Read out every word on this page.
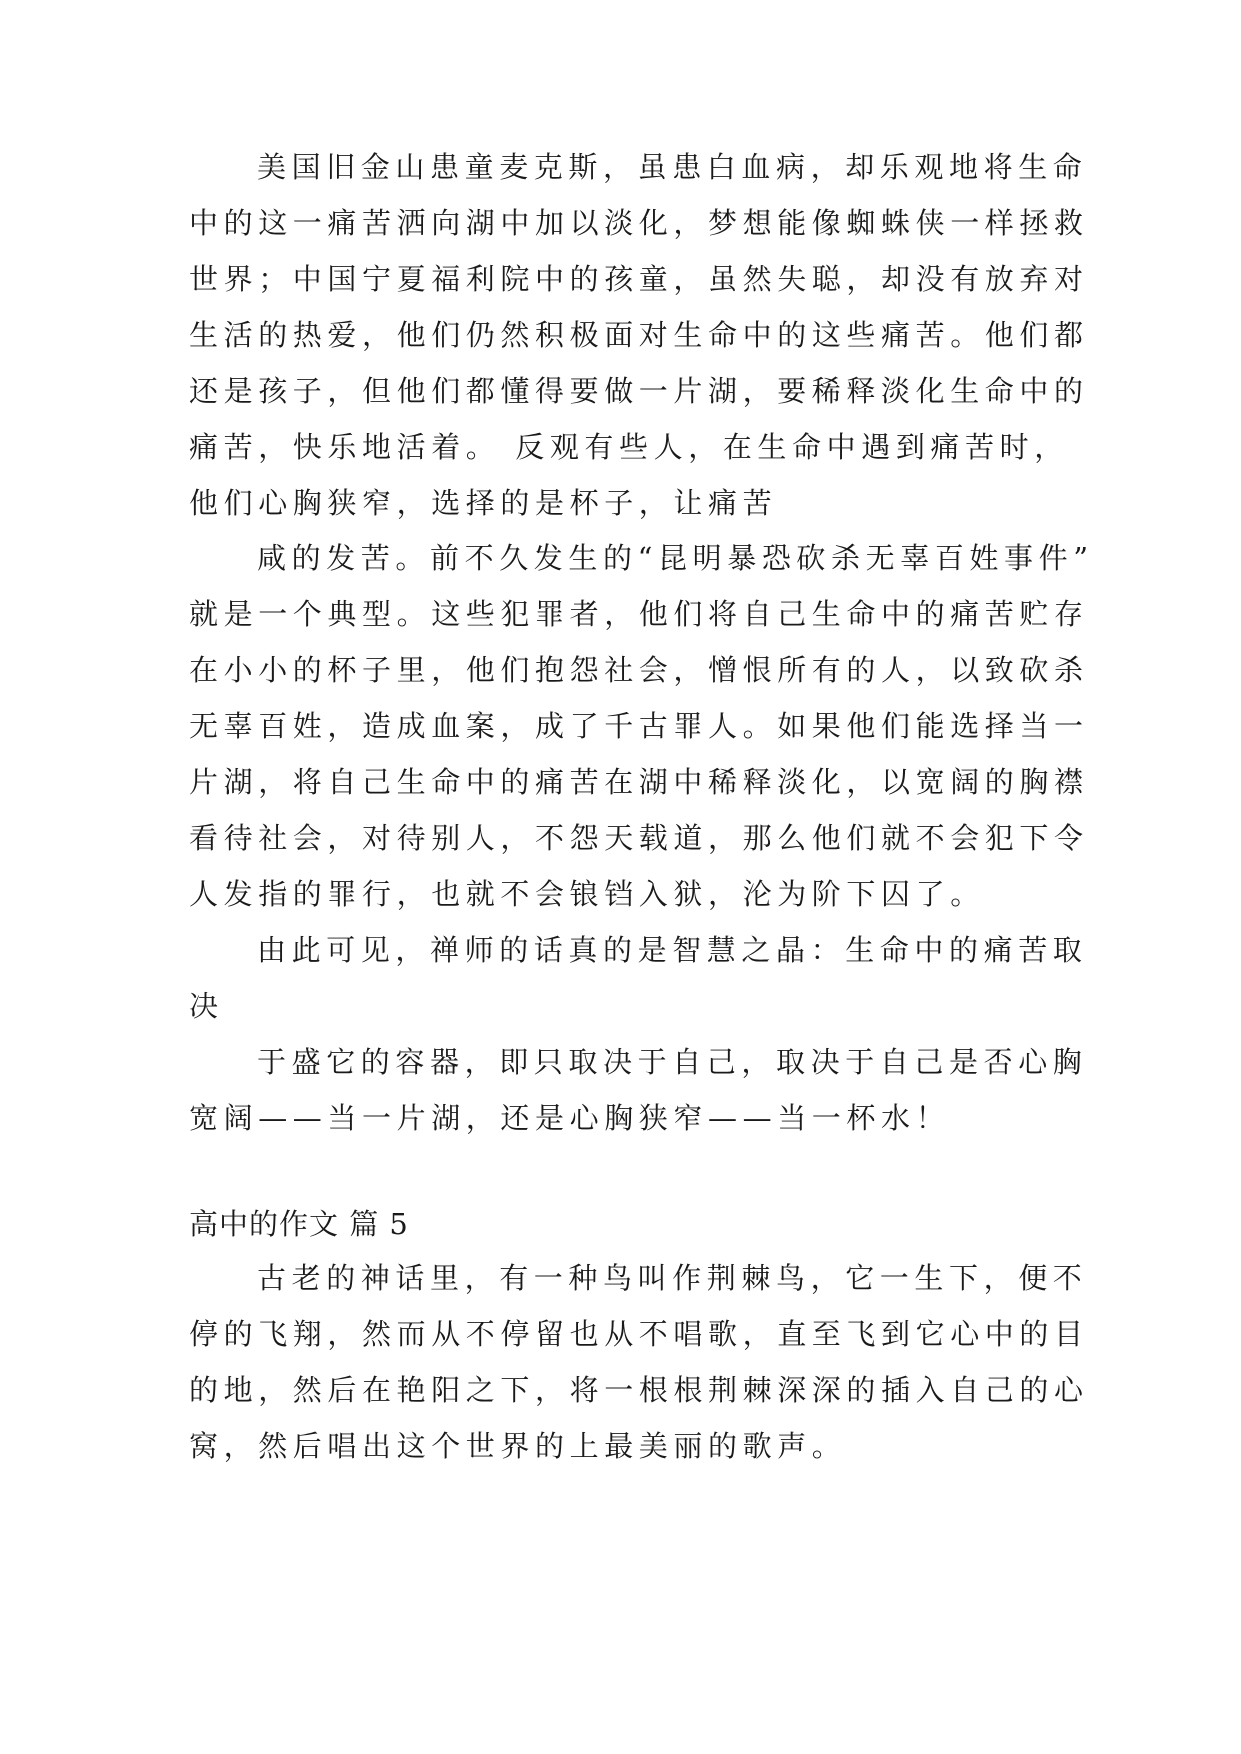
美国旧金山患童麦克斯，虽患白血病，却乐观地将生命
中的这一痛苦洒向湖中加以淡化，梦想能像蜘蛛侠一样拯救
世界；中国宁夏福利院中的孩童，虽然失聪，却没有放弃对
生活的热爱，他们仍然积极面对生命中的这些痛苦。他们都
还是孩子，但他们都懂得要做一片湖，要稀释淡化生命中的
痛苦，快乐地活着。 反观有些人，在生命中遇到痛苦时，
他们心胸狭窄，选择的是杯子，让痛苦
咸的发苦。前不久发生的“昆明暴恐砍杀无辜百姓事件”
就是一个典型。这些犯罪者，他们将自己生命中的痛苦贮存
在小小的杯子里，他们抱怨社会，憎恨所有的人，以致砍杀
无辜百姓，造成血案，成了千古罪人。如果他们能选择当一
片湖，将自己生命中的痛苦在湖中稀释淡化，以宽阔的胸襟
看待社会，对待别人，不怨天载道，那么他们就不会犯下令
人发指的罪行，也就不会锒铛入狱，沦为阶下囚了。
由此可见，禅师的话真的是智慧之晶：生命中的痛苦取
决
于盛它的容器，即只取决于自己，取决于自己是否心胸
宽阔——当一片湖，还是心胸狭窄——当一杯水！
高中的作文 篇 5
古老的神话里，有一种鸟叫作荆棘鸟，它一生下，便不
停的飞翔，然而从不停留也从不唱歌，直至飞到它心中的目
的地，然后在艳阳之下，将一根根荆棘深深的插入自己的心
窝，然后唱出这个世界的上最美丽的歌声。
